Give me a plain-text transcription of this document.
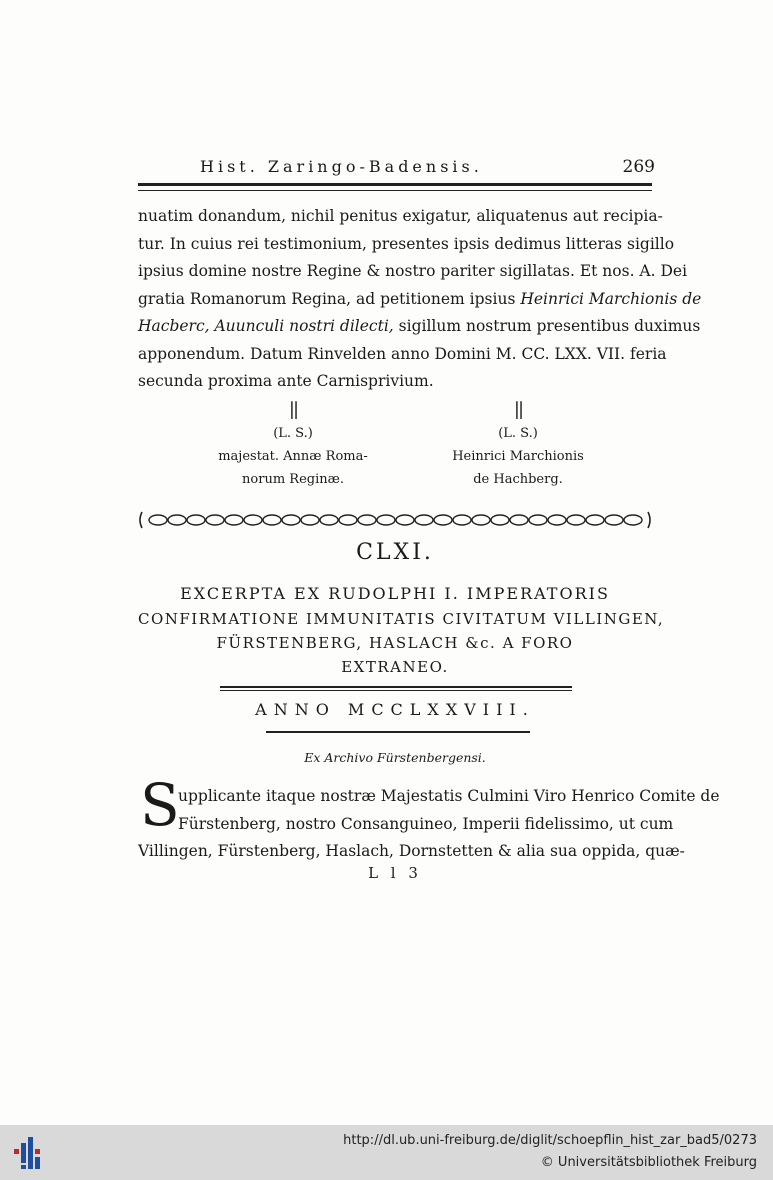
Hist. Zaringo-Badensis.	269
nuatim donandum, nichil penitus exigatur, aliquatenus aut recipia-
tur. In cuius rei testimonium, presentes ipsis dedimus litteras sigillo
ipsius domine nostre Regine & nostro pariter sigillatas. Et nos. A. Dei
gratia Romanorum Regina, ad petitionem ipsius Heinrici Marchionis de
Hacberc, Auunculi nostri dilecti, sigillum nostrum presentibus duximus
apponendum. Datum Rinvelden anno Domini M. CC. LXX. VII. feria
secunda proxima ante Carnisprivium.
||
(L. S.)
majestat. Annæ Roma-
norum Reginæ.
||
(L. S.)
Heinrici Marchionis
de Hachberg.
CLXI.
EXCERPTA EX RUDOLPHI I. IMPERATORIS
CONFIRMATIONE IMMUNITATIS CIVITATUM VILLINGEN,
FÜRSTENBERG, HASLACH &c. A FORO
EXTRANEO.
ANNO MCCLXXVIII.
Ex Archivo Fürstenbergensi.
S
upplicante itaque nostræ Majestatis Culmini Viro Henrico Comite de
Fürstenberg, nostro Consanguineo, Imperii fidelissimo, ut cum
Villingen, Fürstenberg, Haslach, Dornstetten & alia sua oppida, quæ-
L l 3
http://dl.ub.uni-freiburg.de/diglit/schoepflin_hist_zar_bad5/0273
© Universitätsbibliothek Freiburg
